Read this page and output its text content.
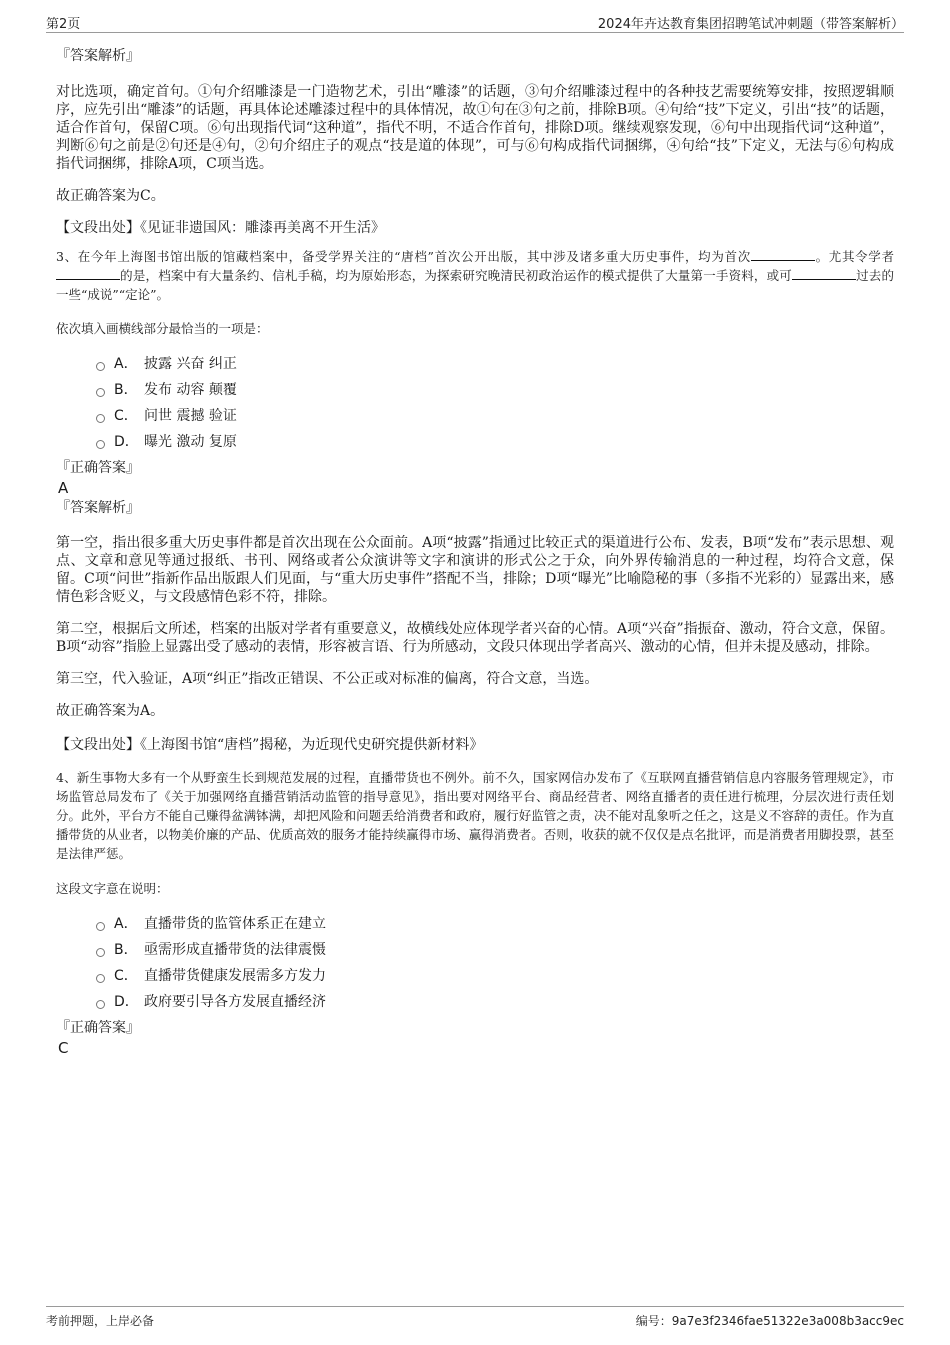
第2页	2024年卉达教育集团招聘笔试冲刺题（带答案解析）

『答案解析』

对比选项，确定首句。①句介绍雕漆是一门造物艺术，引出“雕漆”的话题，③句介绍雕漆过程中的各种技艺需要统筹安排，按照逻辑顺序，应先引出“雕漆”的话题，再具体论述雕漆过程中的具体情况，故①句在③句之前，排除B项。④句给“技”下定义，引出“技”的话题，适合作首句，保留C项。⑥句出现指代词“这种道”，指代不明，不适合作首句，排除D项。继续观察发现，⑥句中出现指代词“这种道”，判断⑥句之前是②句还是④句，②句介绍庄子的观点“技是道的体现”，可与⑥句构成指代词捆绑，④句给“技”下定义，无法与⑥句构成指代词捆绑，排除A项，C项当选。

故正确答案为C。

【文段出处】《见证非遗国风：雕漆再美离不开生活》

3、在今年上海图书馆出版的馆藏档案中，备受学界关注的“唐档”首次公开出版，其中涉及诸多重大历史事件，均为首次	。尤其令学者的是，档案中有大量条约、信札手稿，均为原始形态，为探索研究晚清民初政治运作的模式提供了大量第一手资料，或可	过去的一些“成说”“定论”。

依次填入画横线部分最恰当的一项是：

A． 披露 兴奋 纠正
B． 发布 动容 颠覆
C． 问世 震撼 验证
D． 曝光 激动 复原

『正确答案』

A

『答案解析』

第一空，指出很多重大历史事件都是首次出现在公众面前。A项“披露”指通过比较正式的渠道进行公布、发表，B项“发布”表示思想、观点、文章和意见等通过报纸、书刊、网络或者公众演讲等文字和演讲的形式公之于众，向外界传输消息的一种过程，均符合文意，保留。C项“问世”指新作品出版跟人们见面，与“重大历史事件”搭配不当，排除；D项“曝光”比喻隐秘的事（多指不光彩的）显露出来，感情色彩含贬义，与文段感情色彩不符，排除。

第二空，根据后文所述，档案的出版对学者有重要意义，故横线处应体现学者兴奋的心情。A项“兴奋”指振奋、激动，符合文意，保留。B项“动容”指脸上显露出受了感动的表情，形容被言语、行为所感动，文段只体现出学者高兴、激动的心情，但并未提及感动，排除。

第三空，代入验证，A项“纠正”指改正错误、不公正或对标准的偏离，符合文意，当选。

故正确答案为A。

【文段出处】《上海图书馆“唐档”揭秘，为近现代史研究提供新材料》

4、新生事物大多有一个从野蛮生长到规范发展的过程，直播带货也不例外。前不久，国家网信办发布了《互联网直播营销信息内容服务管理规定》，市场监管总局发布了《关于加强网络直播营销活动监管的指导意见》，指出要对网络平台、商品经营者、网络直播者的责任进行梳理，分层次进行责任划分。此外，平台方不能自己赚得盆满钵满，却把风险和问题丢给消费者和政府，履行好监管之责，决不能对乱象听之任之，这是义不容辞的责任。作为直播带货的从业者，以物美价廉的产品、优质高效的服务才能持续赢得市场、赢得消费者。否则，收获的就不仅仅是点名批评，而是消费者用脚投票，甚至是法律严惩。

这段文字意在说明：

A． 直播带货的监管体系正在建立
B． 亟需形成直播带货的法律震慑
C． 直播带货健康发展需多方发力
D． 政府要引导各方发展直播经济

『正确答案』

C

考前押题，上岸必备	编号：9a7e3f2346fae51322e3a008b3acc9ec
